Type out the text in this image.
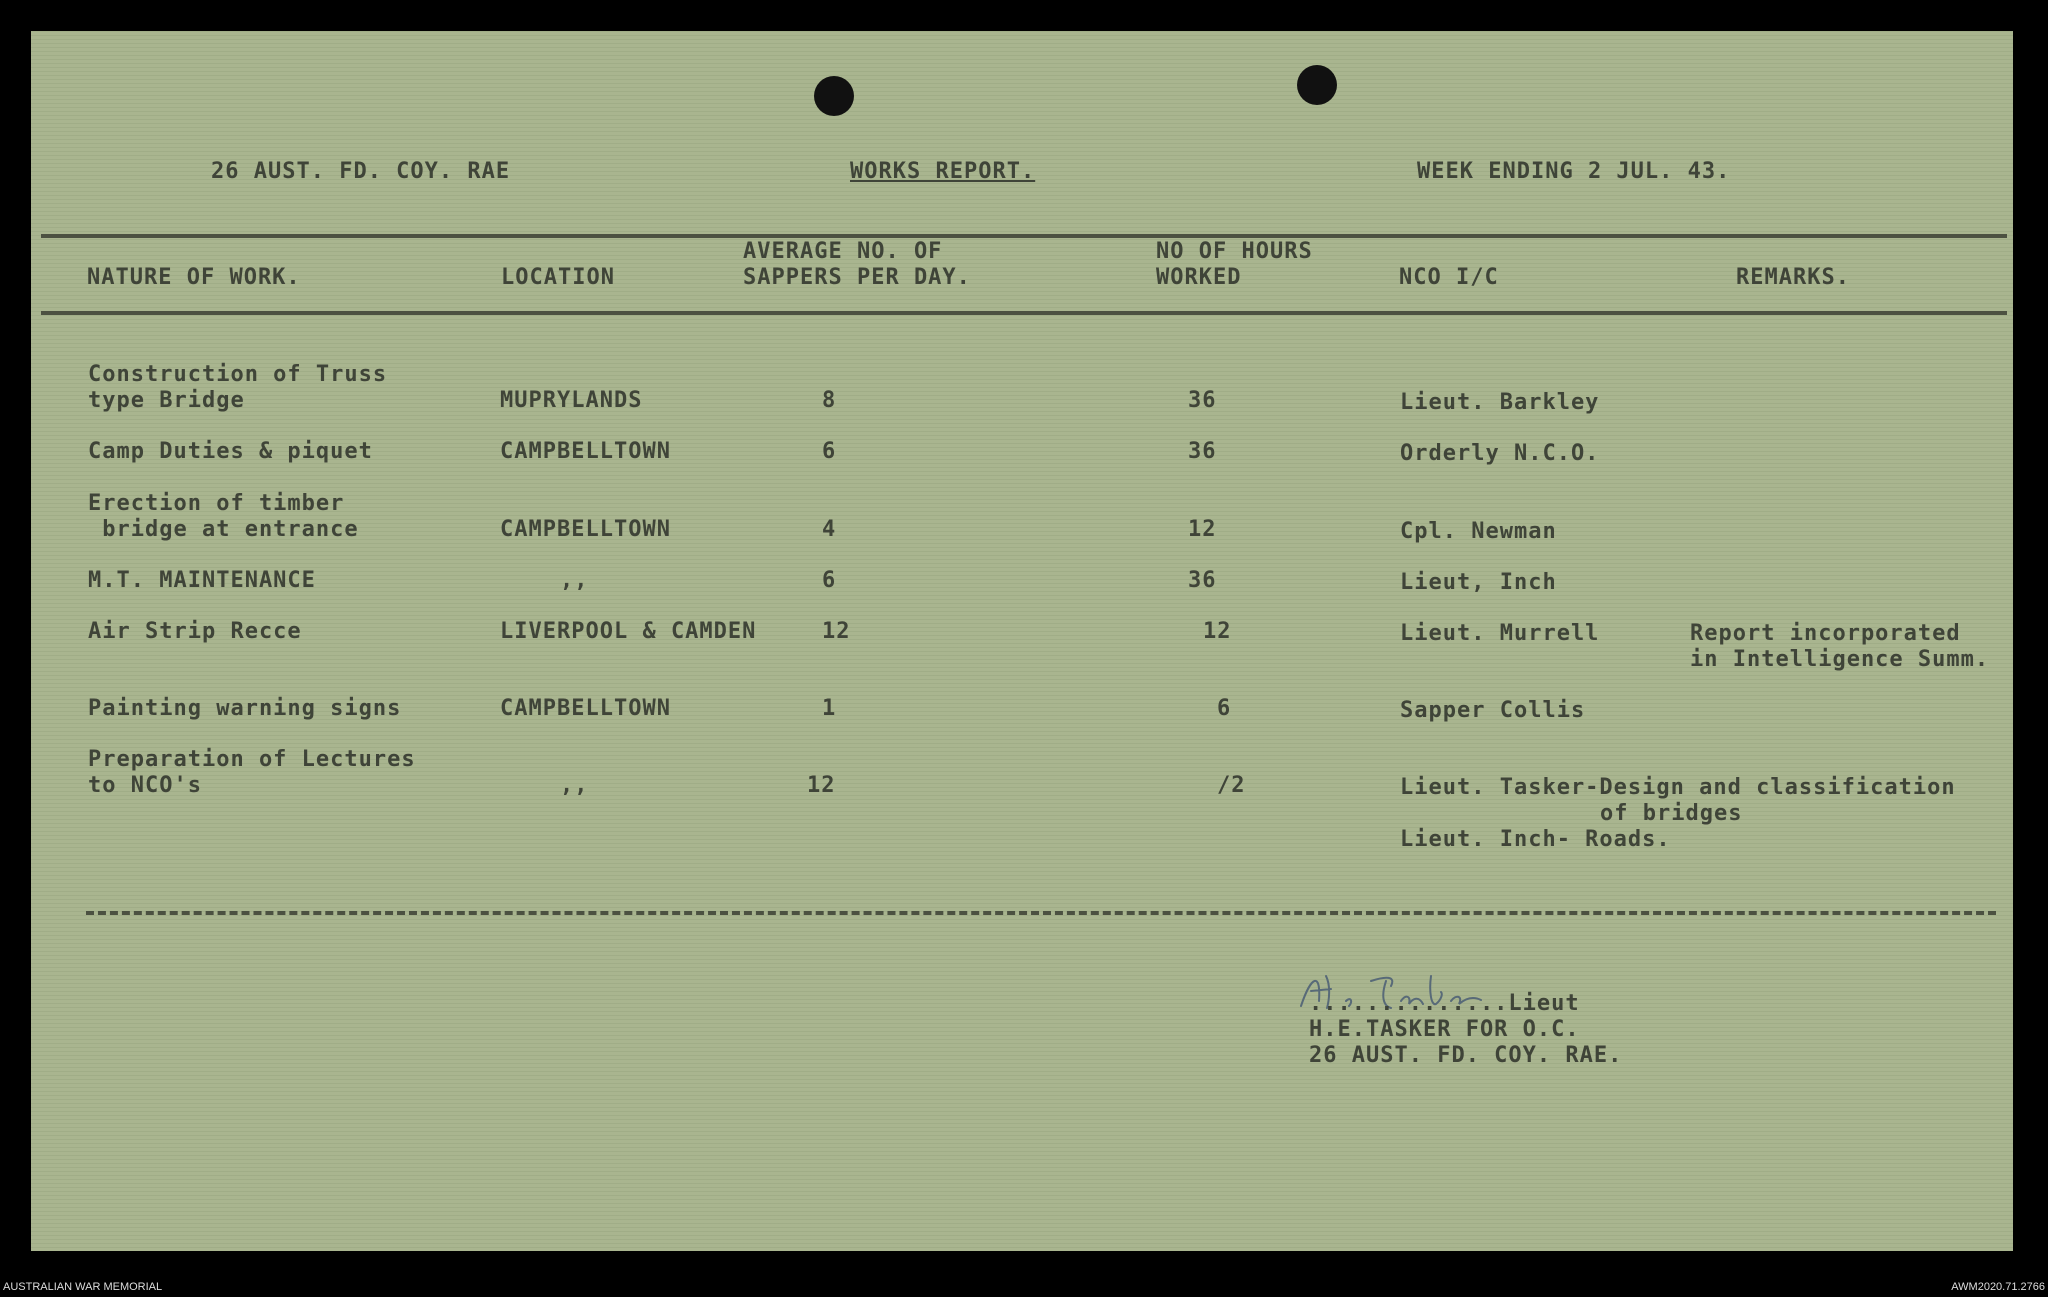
26 AUST. FD. COY. RAE	WORKS REPORT.	WEEK ENDING 2 JUL. 43.
NATURE OF WORK.	LOCATION
AVERAGE NO. OF
SAPPERS PER DAY.
NO OF HOURS
WORKED	NCO I/C	REMARKS.
Construction of Truss
type Bridge	MUPRYLANDS	8	36	Lieut. Barkley
Camp Duties & piquet	CAMPBELLTOWN	6	36	Orderly N.C.O.
Erection of timber
bridge at entrance	CAMPBELLTOWN	4	12	Cpl. Newman
M.T. MAINTENANCE	,,	6	36	Lieut, Inch
Air Strip Recce	LIVERPOOL & CAMDEN	12	12	Lieut. Murrell	Report incorporated
in Intelligence Summ.
Painting warning signs	CAMPBELLTOWN	1	6	Sapper Collis
Preparation of Lectures
to NCO's	,,	12	/2	Lieut. Tasker-Design and classification
of bridges
Lieut. Inch- Roads.
..............Lieut
H.E.TASKER FOR O.C.
26 AUST. FD. COY. RAE.
AUSTRALIAN WAR MEMORIAL	AWM2020.71.2766
